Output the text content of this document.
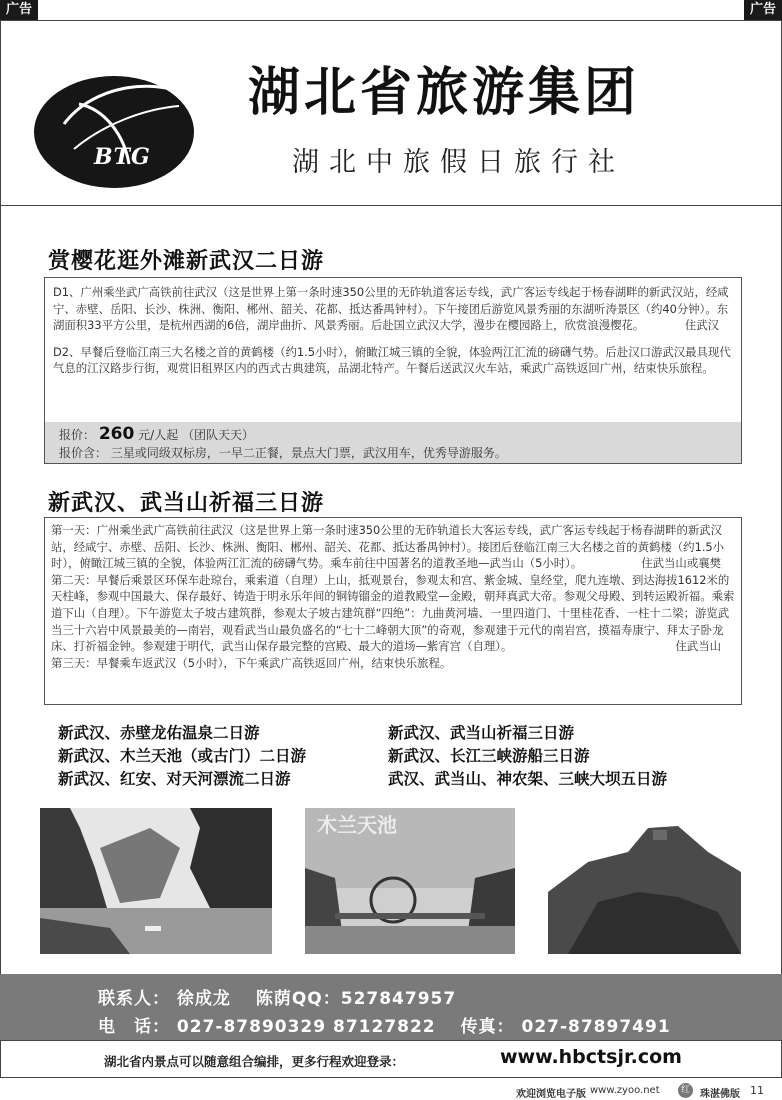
广告	广告
BTG
湖北省旅游集团
湖北中旅假日旅行社
赏樱花逛外滩新武汉二日游
D1、广州乘坐武广高铁前往武汉（这是世界上第一条时速350公里的无砟轨道客运专线，武广客运专线起于杨春湖畔的新武汉站，经咸宁、赤壁、岳阳、长沙、株洲、衡阳、郴州、韶关、花都、抵达番禺钟村）。下午接团后游览风景秀丽的东湖听涛景区（约40分钟）。东湖面积33平方公里，是杭州西湖的6倍，湖岸曲折、风景秀丽。后赴国立武汉大学，漫步在樱园路上，欣赏浪漫樱花。	住武汉
D2、早餐后登临江南三大名楼之首的黄鹤楼（约1.5小时），俯瞰江城三镇的全貌，体验两江汇流的磅礴气势。后赴汉口游武汉最具现代气息的江汉路步行街，观赏旧租界区内的西式古典建筑，品湖北特产。午餐后送武汉火车站，乘武广高铁返回广州，结束快乐旅程。
报价： 260 元/人起 （团队天天）
报价含： 三星或同级双标房，一早二正餐，景点大门票，武汉用车，优秀导游服务。
新武汉、武当山祈福三日游
第一天：广州乘坐武广高铁前往武汉（这是世界上第一条时速350公里的无砟轨道长大客运专线，武广客运专线起于杨春湖畔的新武汉站，经咸宁、赤壁、岳阳、长沙、株洲、衡阳、郴州、韶关、花都、抵达番禺钟村）。接团后登临江南三大名楼之首的黄鹤楼（约1.5小时），俯瞰江城三镇的全貌，体验两江汇流的磅礴气势。乘车前往中国著名的道教圣地—武当山（5小时）。	住武当山或襄樊
第二天：早餐后乘景区环保车赴琼台，乘索道（自理）上山，抵观景台，参观太和宫、紫金城、皇经堂，爬九连墩、到达海拔1612米的天柱峰，参观中国最大、保存最好、铸造于明永乐年间的铜铸镏金的道教殿堂—金殿，朝拜真武大帝。参观父母殿、到转运殿祈福。乘索道下山（自理）。下午游览太子坡古建筑群，参观太子坡古建筑群“四绝”：九曲黄河墙、一里四道门、十里桂花香、一柱十二梁；游览武当三十六岩中风景最美的—南岩，观看武当山最负盛名的“七十二峰朝大顶”的奇观，参观建于元代的南岩宫，摸福寿康宁、拜太子卧龙床、打祈福金钟。参观建于明代，武当山保存最完整的宫殿、最大的道场—紫宵宫（自理）。	住武当山
第三天：早餐乘车返武汉（5小时），下午乘武广高铁返回广州，结束快乐旅程。
新武汉、赤壁龙佑温泉二日游
新武汉、木兰天池（或古门）二日游
新武汉、红安、对天河漂流二日游
新武汉、武当山祈福三日游
新武汉、长江三峡游船三日游
武汉、武当山、神农架、三峡大坝五日游
木兰天池
联系人： 徐成龙 陈荫QQ：527847957
电　话： 027-87890329 87127822 传真： 027-87897491
湖北省内景点可以随意组合编排，更多行程欢迎登录：	www.hbctsjr.com
欢迎浏览电子版 www.zyoo.net	红	珠湛佛版 11
